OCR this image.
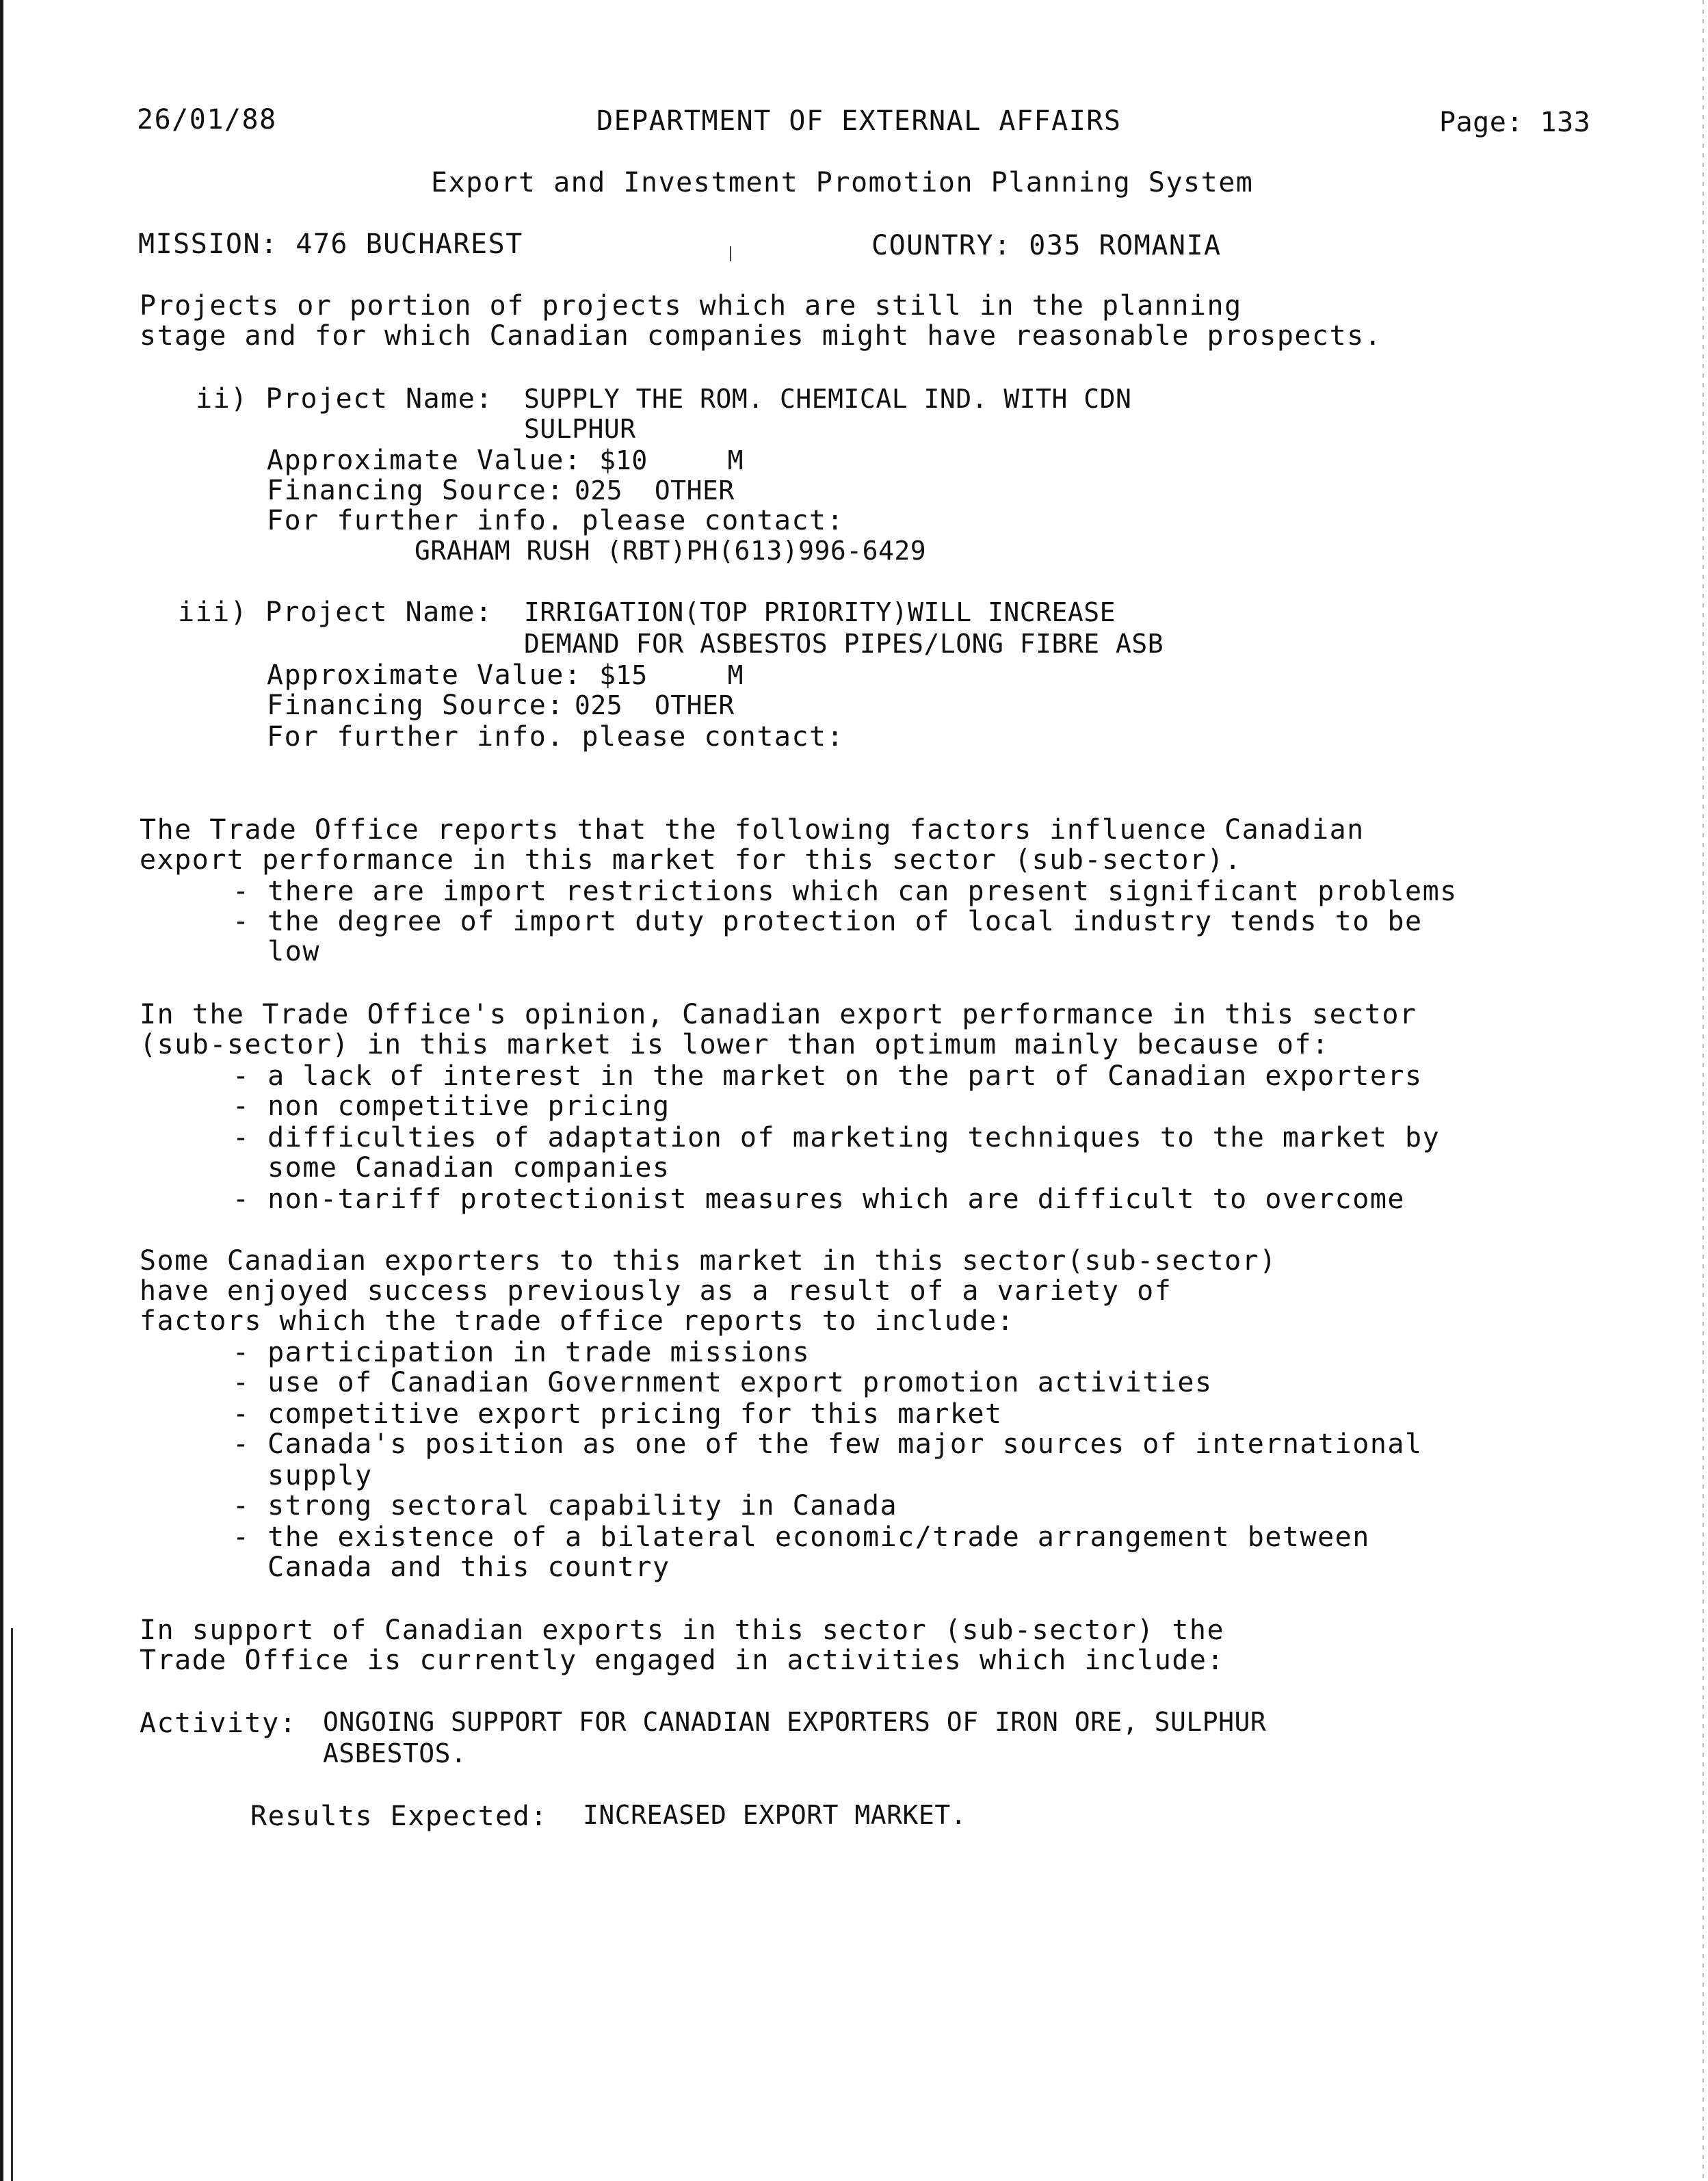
26/01/88	DEPARTMENT OF EXTERNAL AFFAIRS	Page: 133
Export and Investment Promotion Planning System
MISSION: 476 BUCHAREST	COUNTRY: 035 ROMANIA
Projects or portion of projects which are still in the planning
stage and for which Canadian companies might have reasonable prospects.
ii) Project Name: SUPPLY THE ROM. CHEMICAL IND. WITH CDN
SULPHUR
Approximate Value: $
10     M
Financing Source: 025  OTHER
For further info. please contact:
GRAHAM RUSH (RBT)PH(613)996-6429
iii) Project Name: IRRIGATION(TOP PRIORITY)WILL INCREASE
DEMAND FOR ASBESTOS PIPES/LONG FIBRE ASB
Approximate Value: $
15     M
Financing Source: 025  OTHER
For further info. please contact:
The Trade Office reports that the following factors influence Canadian
export performance in this market for this sector (sub-sector).
- there are import restrictions which can present significant problems
- the degree of import duty protection of local industry tends to be
low
In the Trade Office's opinion, Canadian export performance in this sector
(sub-sector) in this market is lower than optimum mainly because of:
- a lack of interest in the market on the part of Canadian exporters
- non competitive pricing
- difficulties of adaptation of marketing techniques to the market by
some Canadian companies
- non-tariff protectionist measures which are difficult to overcome
Some Canadian exporters to this market in this sector(sub-sector)
have enjoyed success previously as a result of a variety of
factors which the trade office reports to include:
- participation in trade missions
- use of Canadian Government export promotion activities
- competitive export pricing for this market
- Canada's position as one of the few major sources of international
supply
- strong sectoral capability in Canada
- the existence of a bilateral economic/trade arrangement between
Canada and this country
In support of Canadian exports in this sector (sub-sector) the
Trade Office is currently engaged in activities which include:
Activity: ONGOING SUPPORT FOR CANADIAN EXPORTERS OF IRON ORE, SULPHUR
ASBESTOS.
Results Expected: INCREASED EXPORT MARKET.
